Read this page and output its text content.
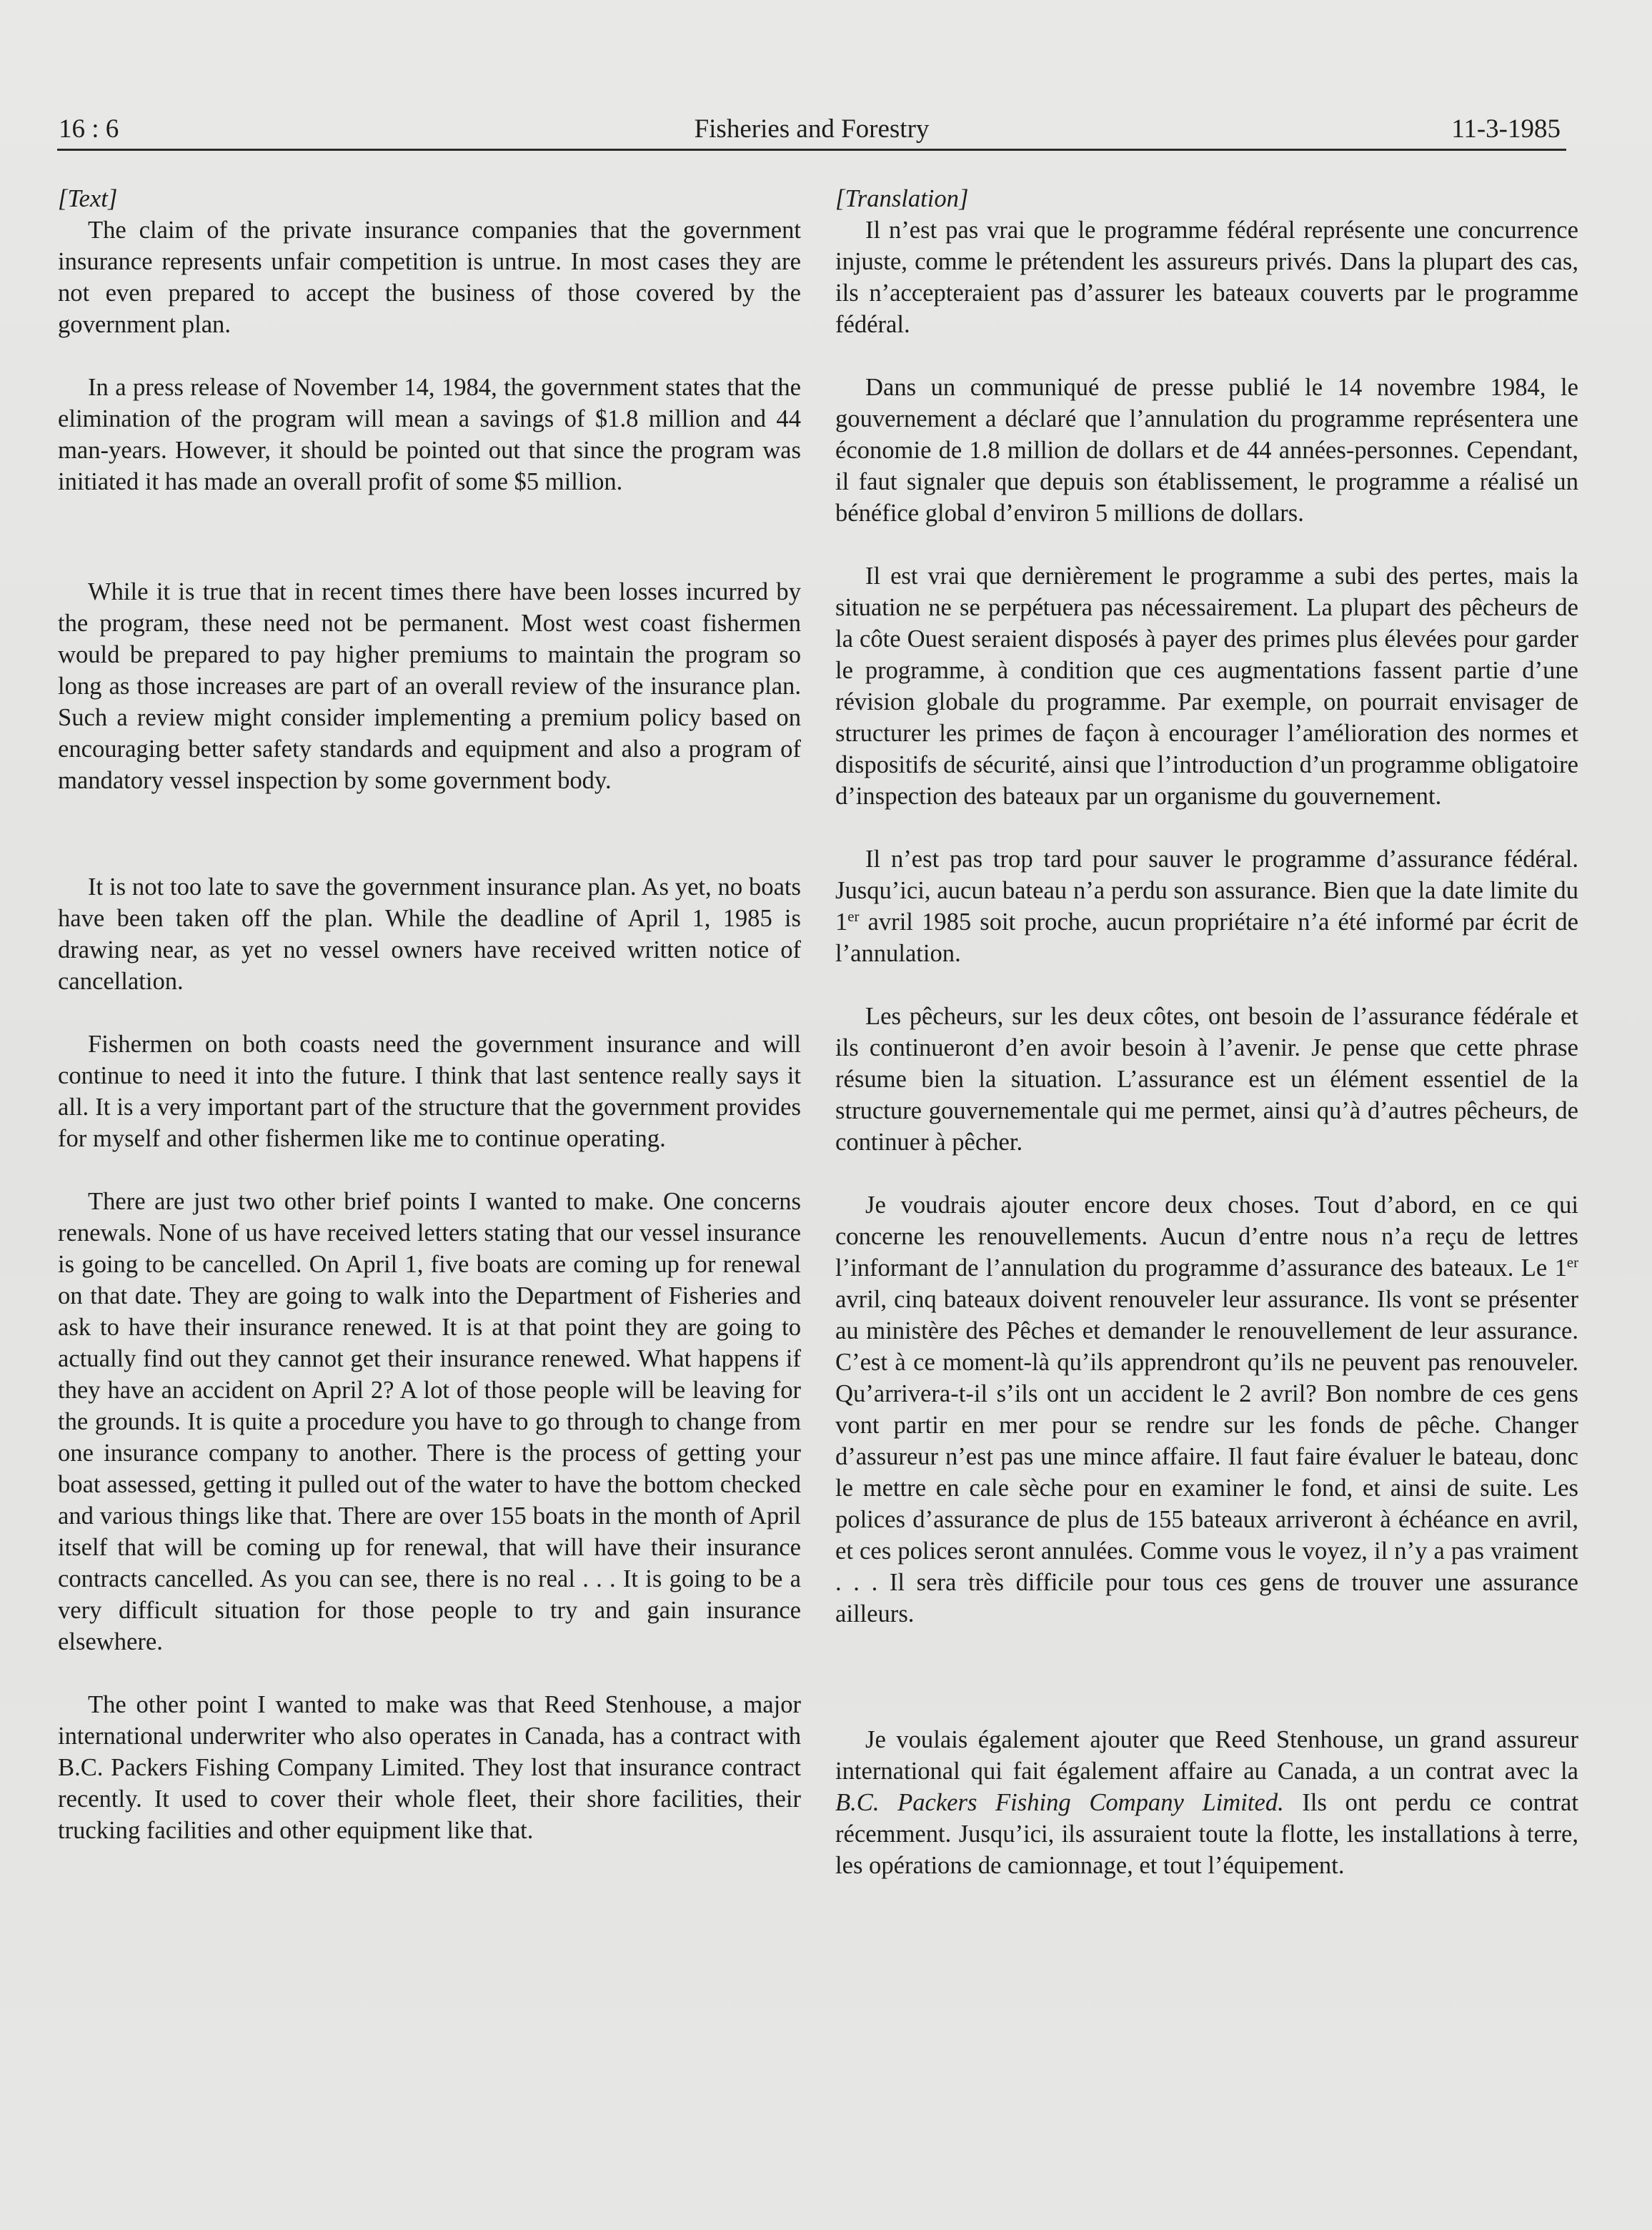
16 : 6	Fisheries and Forestry	11-3-1985
[Text]

The claim of the private insurance companies that the government insurance represents unfair competition is untrue. In most cases they are not even prepared to accept the business of those covered by the government plan.

In a press release of November 14, 1984, the government states that the elimination of the program will mean a savings of $1.8 million and 44 man-years. However, it should be pointed out that since the program was initiated it has made an overall profit of some $5 million.

While it is true that in recent times there have been losses incurred by the program, these need not be permanent. Most west coast fishermen would be prepared to pay higher premiums to maintain the program so long as those increases are part of an overall review of the insurance plan. Such a review might consider implementing a premium policy based on encouraging better safety standards and equipment and also a program of mandatory vessel inspection by some government body.

It is not too late to save the government insurance plan. As yet, no boats have been taken off the plan. While the deadline of April 1, 1985 is drawing near, as yet no vessel owners have received written notice of cancellation.

Fishermen on both coasts need the government insurance and will continue to need it into the future. I think that last sentence really says it all. It is a very important part of the structure that the government provides for myself and other fishermen like me to continue operating.

There are just two other brief points I wanted to make. One concerns renewals. None of us have received letters stating that our vessel insurance is going to be cancelled. On April 1, five boats are coming up for renewal on that date. They are going to walk into the Department of Fisheries and ask to have their insurance renewed. It is at that point they are going to actually find out they cannot get their insurance renewed. What happens if they have an accident on April 2? A lot of those people will be leaving for the grounds. It is quite a procedure you have to go through to change from one insurance company to another. There is the process of getting your boat assessed, getting it pulled out of the water to have the bottom checked and various things like that. There are over 155 boats in the month of April itself that will be coming up for renewal, that will have their insurance contracts cancelled. As you can see, there is no real . . . It is going to be a very difficult situation for those people to try and gain insurance elsewhere.

The other point I wanted to make was that Reed Stenhouse, a major international underwriter who also operates in Canada, has a contract with B.C. Packers Fishing Company Limited. They lost that insurance contract recently. It used to cover their whole fleet, their shore facilities, their trucking facilities and other equipment like that.

[Translation]

Il n’est pas vrai que le programme fédéral représente une concurrence injuste, comme le prétendent les assureurs privés. Dans la plupart des cas, ils n’accepteraient pas d’assurer les bateaux couverts par le programme fédéral.

Dans un communiqué de presse publié le 14 novembre 1984, le gouvernement a déclaré que l’annulation du programme représentera une économie de 1.8 million de dollars et de 44 années-personnes. Cependant, il faut signaler que depuis son établissement, le programme a réalisé un bénéfice global d’environ 5 millions de dollars.

Il est vrai que dernièrement le programme a subi des pertes, mais la situation ne se perpétuera pas nécessairement. La plupart des pêcheurs de la côte Ouest seraient disposés à payer des primes plus élevées pour garder le programme, à condition que ces augmentations fassent partie d’une révision globale du programme. Par exemple, on pourrait envisager de structurer les primes de façon à encourager l’amélioration des normes et dispositifs de sécurité, ainsi que l’introduction d’un programme obligatoire d’inspection des bateaux par un organisme du gouvernement.

Il n’est pas trop tard pour sauver le programme d’assurance fédéral. Jusqu’ici, aucun bateau n’a perdu son assurance. Bien que la date limite du 1er avril 1985 soit proche, aucun propriétaire n’a été informé par écrit de l’annulation.

Les pêcheurs, sur les deux côtes, ont besoin de l’assurance fédérale et ils continueront d’en avoir besoin à l’avenir. Je pense que cette phrase résume bien la situation. L’assurance est un élément essentiel de la structure gouvernementale qui me permet, ainsi qu’à d’autres pêcheurs, de continuer à pêcher.

Je voudrais ajouter encore deux choses. Tout d’abord, en ce qui concerne les renouvellements. Aucun d’entre nous n’a reçu de lettres l’informant de l’annulation du programme d’assurance des bateaux. Le 1er avril, cinq bateaux doivent renouveler leur assurance. Ils vont se présenter au ministère des Pêches et demander le renouvellement de leur assurance. C’est à ce moment-là qu’ils apprendront qu’ils ne peuvent pas renouveler. Qu’arrivera-t-il s’ils ont un accident le 2 avril? Bon nombre de ces gens vont partir en mer pour se rendre sur les fonds de pêche. Changer d’assureur n’est pas une mince affaire. Il faut faire évaluer le bateau, donc le mettre en cale sèche pour en examiner le fond, et ainsi de suite. Les polices d’assurance de plus de 155 bateaux arriveront à échéance en avril, et ces polices seront annulées. Comme vous le voyez, il n’y a pas vraiment . . . Il sera très difficile pour tous ces gens de trouver une assurance ailleurs.

Je voulais également ajouter que Reed Stenhouse, un grand assureur international qui fait également affaire au Canada, a un contrat avec la B.C. Packers Fishing Company Limited. Ils ont perdu ce contrat récemment. Jusqu’ici, ils assuraient toute la flotte, les installations à terre, les opérations de camionnage, et tout l’équipement.
